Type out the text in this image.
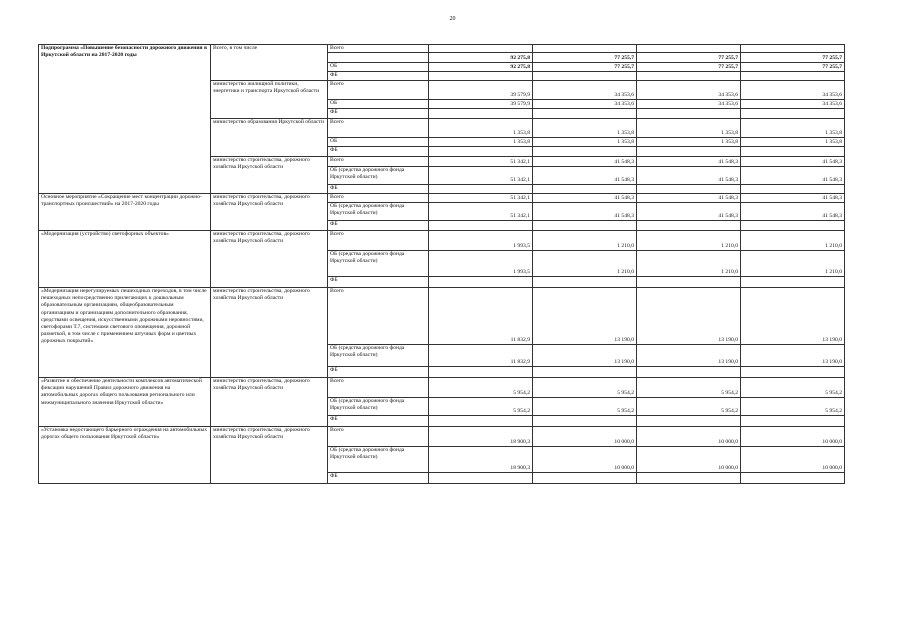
20
Подпрограмма «Повышение безопасности дорожного движения в Иркутской области на 2017-2020 годы	Всего, в том числе	Всего				
			92 275,8	77 255,7	77 255,7	77 255,7
		ОБ	92 275,8	77 255,7	77 255,7	77 255,7
		ФБ				
	министерство жилищной политики, энергетики и транспорта Иркутской области	Всего	39 579,9	34 353,6	34 353,6	34 353,6
		ОБ	39 579,9	34 353,6	34 353,6	34 353,6
		ФБ				
	министерство образования Иркутской области	Всего	1 353,8	1 353,8	1 353,8	1 353,8
		ОБ	1 353,8	1 353,8	1 353,8	1 353,8
		ФБ				
	министерство строительства, дорожного хозяйства Иркутской области	Всего	51 342,1	41 548,3	41 548,3	41 548,3
		ОБ (средства дорожного фонда Иркутской области)	51 342,1	41 548,3	41 548,3	41 548,3
		ФБ				
Основное мероприятие «Сокращение мест концентрации дорожно-транспортных происшествий» на 2017-2020 годы	министерство строительства, дорожного хозяйства Иркутской области	Всего	51 342,1	41 548,3	41 548,3	41 548,3
		ОБ (средства дорожного фонда Иркутской области)	51 342,1	41 548,3	41 548,3	41 548,3
		ФБ				
«Модернизация (устройство) светофорных объектов»	министерство строительства, дорожного хозяйства Иркутской области	Всего	1 993,5	1 210,0	1 210,0	1 210,0
		ОБ (средства дорожного фонда Иркутской области)	1 993,5	1 210,0	1 210,0	1 210,0
		ФБ				
«Модернизация нерегулируемых пешеходных переходов, в том числе пешеходных непосредственно прилегающих к дошкольным образовательным организациям, общеобразовательным организациям и организациям дополнительного образования, средствами освещения, искусственными дорожными неровностями, светофорами Т.7, системами светового оповещения, дорожной разметкой, в том числе с применением штучных форм и цветных дорожных покрытий»	министерство строительства, дорожного хозяйства Иркутской области	Всего	11 832,9	13 190,0	13 190,0	13 190,0
		ОБ (средства дорожного фонда Иркутской области)	11 832,9	13 190,0	13 190,0	13 190,0
		ФБ				
«Развитие и обеспечение деятельности комплексов автоматической фиксации нарушений Правил дорожного движения на автомобильных дорогах общего пользования регионального или межмуниципального значения Иркутской области»	министерство строительства, дорожного хозяйства Иркутской области	Всего	5 954,2	5 954,2	5 954,2	5 954,2
		ОБ (средства дорожного фонда Иркутской области)	5 954,2	5 954,2	5 954,2	5 954,2
		ФБ				
«Установка недостающего барьерного ограждения на автомобильных дорогах общего пользования Иркутской области»	министерство строительства, дорожного хозяйства Иркутской области	Всего	18 900,3	10 000,0	10 000,0	10 000,0
		ОБ (средства дорожного фонда Иркутской области)	18 900,3	10 000,0	10 000,0	10 000,0
		ФБ				
